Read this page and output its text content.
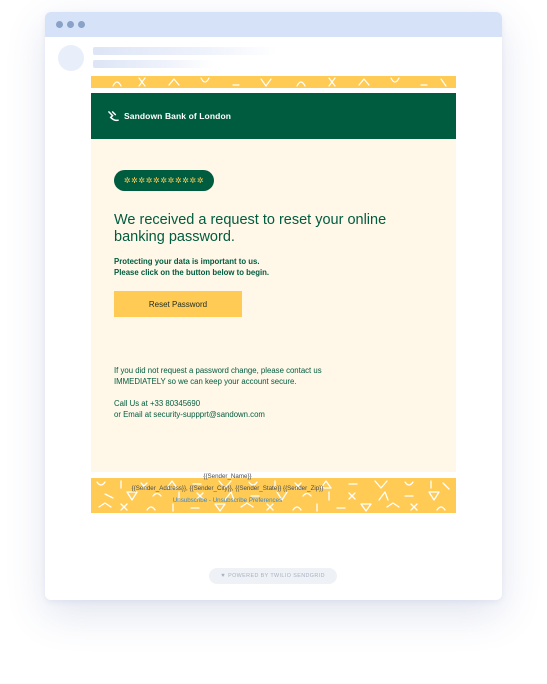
Sandown Bank of London
✲✲✲✲✲✲✲✲✲✲✲
We received a request to reset your online banking password.
Protecting your data is important to us.
Please click on the button below to begin.
Reset Password
If you did not request a password change, please contact us
IMMEDIATELY so we can keep your account secure.
Call Us at +33 80345690
or Email at security-suppprt@sandown.com
{{Sender_Name}}
{{Sender_Address}}, {{Sender_City}}, {{Sender_State}} {{Sender_Zip}}
Unsubscribe - Unsubscribe Preferences
♥ POWERED BY TWILIO SENDGRID
